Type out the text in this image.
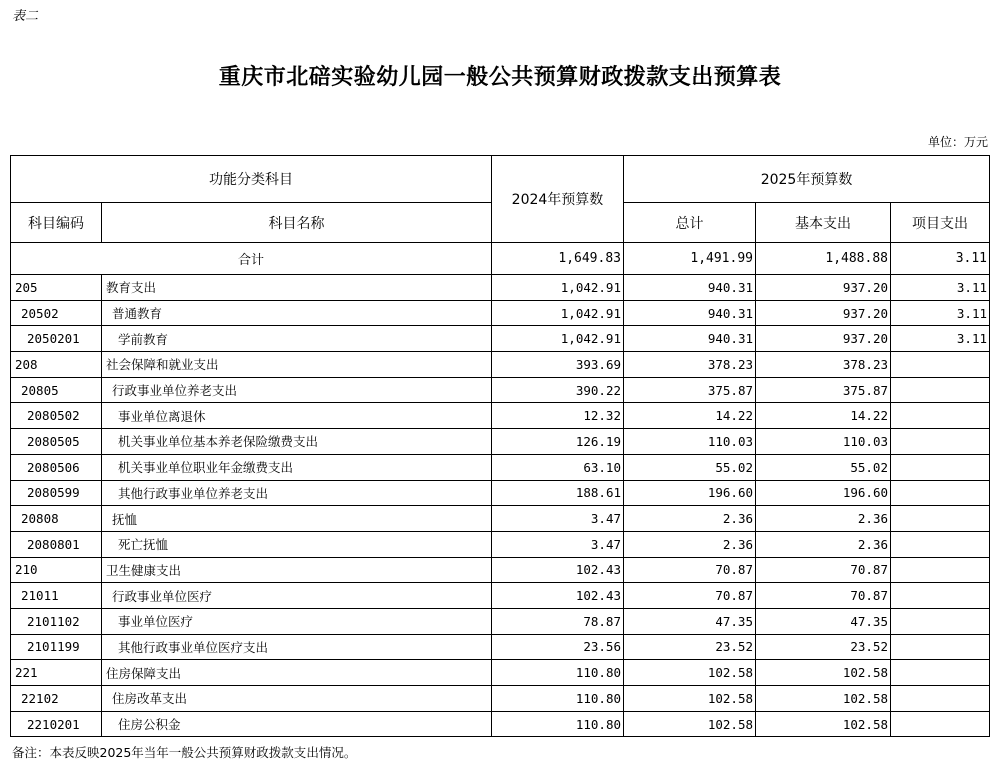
表二
重庆市北碚实验幼儿园一般公共预算财政拨款支出预算表
单位：万元
功能分类科目		2024年预算数	2025年预算数		
科目编码	科目名称		总计	基本支出	项目支出
合计		1,649.83	1,491.99	1,488.88	3.11
205	教育支出	1,042.91	940.31	937.20	3.11
20502	普通教育	1,042.91	940.31	937.20	3.11
2050201	学前教育	1,042.91	940.31	937.20	3.11
208	社会保障和就业支出	393.69	378.23	378.23	
20805	行政事业单位养老支出	390.22	375.87	375.87	
2080502	事业单位离退休	12.32	14.22	14.22	
2080505	机关事业单位基本养老保险缴费支出	126.19	110.03	110.03	
2080506	机关事业单位职业年金缴费支出	63.10	55.02	55.02	
2080599	其他行政事业单位养老支出	188.61	196.60	196.60	
20808	抚恤	3.47	2.36	2.36	
2080801	死亡抚恤	3.47	2.36	2.36	
210	卫生健康支出	102.43	70.87	70.87	
21011	行政事业单位医疗	102.43	70.87	70.87	
2101102	事业单位医疗	78.87	47.35	47.35	
2101199	其他行政事业单位医疗支出	23.56	23.52	23.52	
221	住房保障支出	110.80	102.58	102.58	
22102	住房改革支出	110.80	102.58	102.58	
2210201	住房公积金	110.80	102.58	102.58	
备注：本表反映2025年当年一般公共预算财政拨款支出情况。
